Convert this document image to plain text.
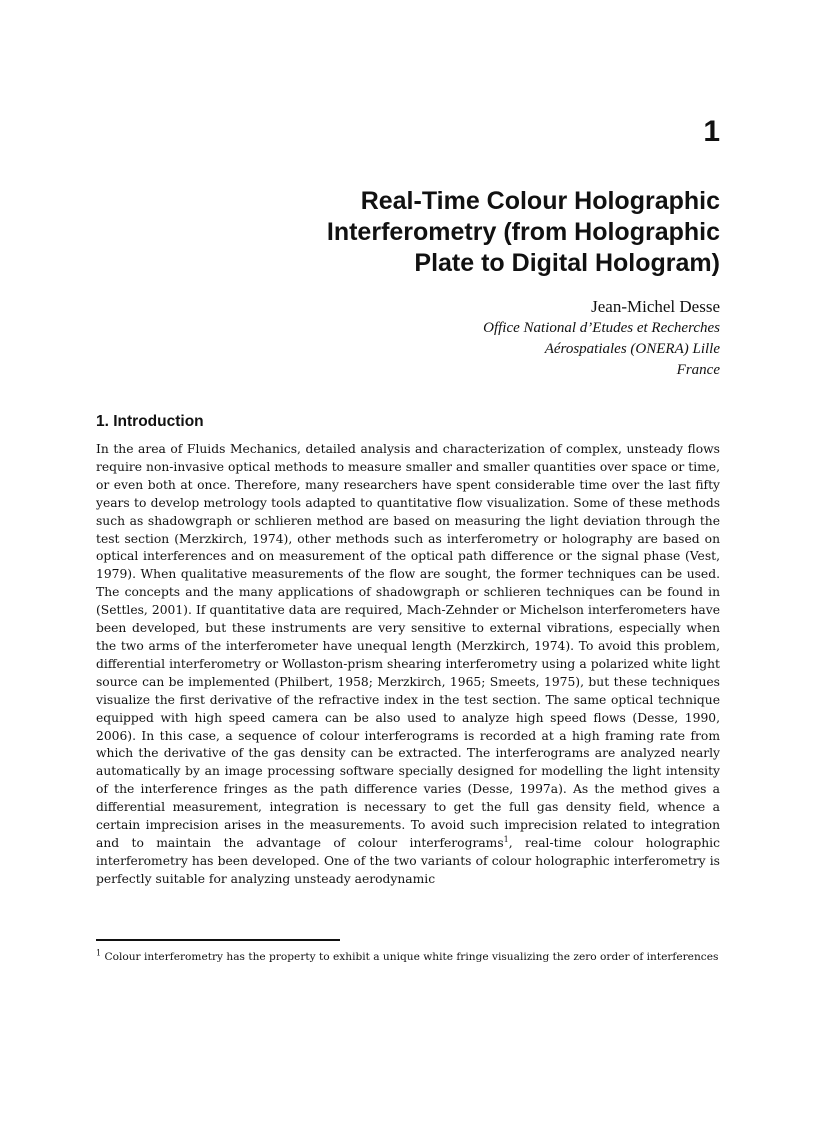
1
Real-Time Colour Holographic
Interferometry (from Holographic
Plate to Digital Hologram)

Jean-Michel Desse

Office National d’Etudes et Recherches

Aérospatiales (ONERA) Lille

France

1. Introduction

In the area of Fluids Mechanics, detailed analysis and characterization of complex, unsteady flows require non-invasive optical methods to measure smaller and smaller quantities over space or time, or even both at once. Therefore, many researchers have spent considerable time over the last fifty years to develop metrology tools adapted to quantitative flow visualization. Some of these methods such as shadowgraph or schlieren method are based on measuring the light deviation through the test section (Merzkirch, 1974), other methods such as interferometry or holography are based on optical interferences and on measurement of the optical path difference or the signal phase (Vest, 1979). When qualitative measurements of the flow are sought, the former techniques can be used. The concepts and the many applications of shadowgraph or schlieren techniques can be found in (Settles, 2001). If quantitative data are required, Mach-Zehnder or Michelson interferometers have been developed, but these instruments are very sensitive to external vibrations, especially when the two arms of the interferometer have unequal length (Merzkirch, 1974). To avoid this problem, differential interferometry or Wollaston-prism shearing interferometry using a polarized white light source can be implemented (Philbert, 1958; Merzkirch, 1965; Smeets, 1975), but these techniques visualize the first derivative of the refractive index in the test section. The same optical technique equipped with high speed camera can be also used to analyze high speed flows (Desse, 1990, 2006). In this case, a sequence of colour interferograms is recorded at a high framing rate from which the derivative of the gas density can be extracted. The interferograms are analyzed nearly automatically by an image processing software specially designed for modelling the light intensity of the interference fringes as the path difference varies (Desse, 1997a). As the method gives a differential measurement, integration is necessary to get the full gas density field, whence a certain imprecision arises in the measurements. To avoid such imprecision related to integration and to maintain the advantage of colour interferograms$^1$, real-time colour holographic interferometry has been developed. One of the two variants of colour holographic interferometry is perfectly suitable for analyzing unsteady aerodynamic

$^1$ Colour interferometry has the property to exhibit a unique white fringe visualizing the zero order of interferences
